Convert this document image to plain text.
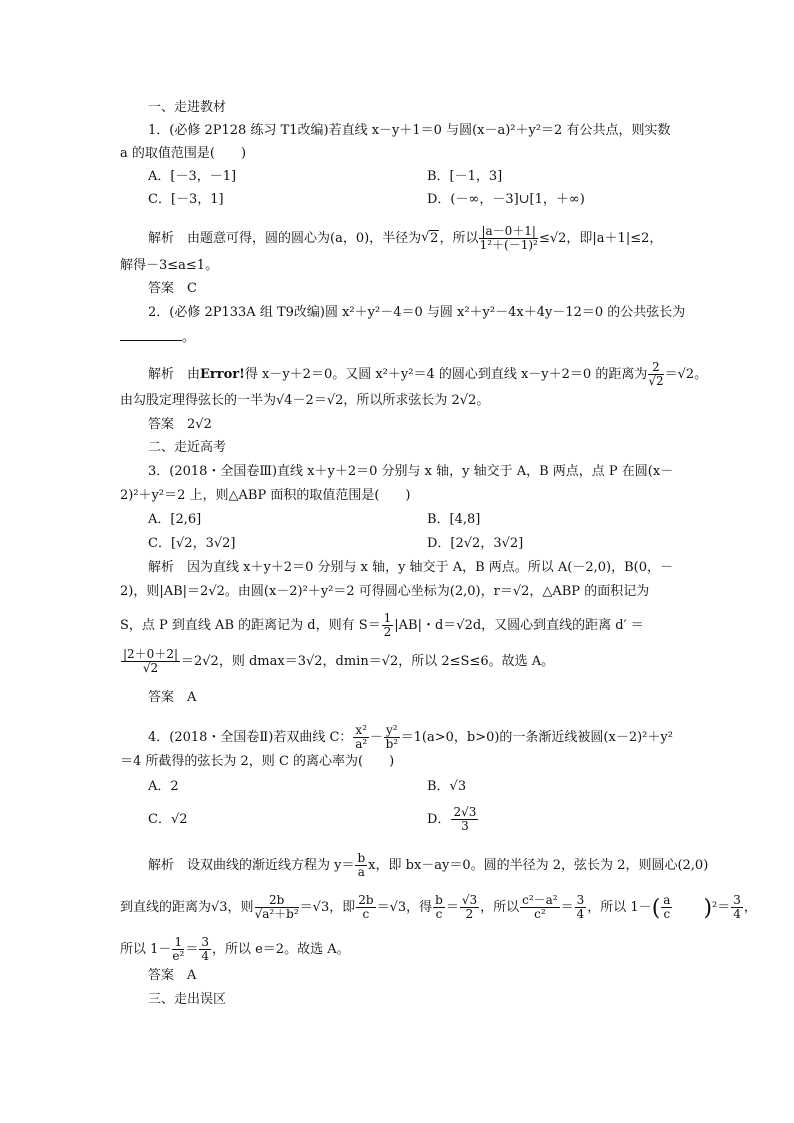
一、走进教材
1．(必修 2P128 练习 T1改编)若直线 x－y＋1＝0 与圆(x－a)²＋y²＝2 有公共点，则实数
a 的取值范围是(　　)
A．[－3，－1]	B．[－1，3]
C．[－3，1]	D．(－∞，－3]∪[1，＋∞)
解析　由题意可得，圆的圆心为(a，0)，半径为√ 2，所以 $\frac{|a-0+1|}{\text{1²＋(－1)²}} \le√2$，即|a＋1|≤2，
解得－3≤a≤1。
答案　 C
2．(必修 2P133A 组 T9改编)圆 x²＋y²－4＝0 与圆 x²＋y²－4x＋4y－12＝0 的公共弦长为
。
解析　由Error!得 x－y＋2＝0。又圆 x²＋y²＝4 的圆心到直线 x－y＋2＝0 的距离为 $\frac{2}{√2} =√2$。
由勾股定理得弦长的一半为√4－2＝√2，所以所求弦长为 2√2。
答案　 2√2
二、走近高考
3．(2018・全国卷Ⅲ)直线 x＋y＋2＝0 分别与 x 轴，y 轴交于 A，B 两点，点 P 在圆(x－
2)²＋y²＝2 上，则△ABP 面积的取值范围是(　　)
A．[2,6]	B．[4,8]
C．[√2，3√2]	D．[2√2，3√2]
解析　因为直线 x＋y＋2＝0 分别与 x 轴，y 轴交于 A，B 两点。所以 A(－2,0)，B(0，－
2)，则|AB|＝2√2。由圆(x－2)²＋y²＝2 可得圆心坐标为(2,0)，r＝√2，△ABP 的面积记为
S，点 P 到直线 AB 的距离记为 d，则有 $S= \frac{1}{2} |AB|$・d＝√2d，又圆心到直线的距离 d′ ＝
$\frac{|2+0+2|}{√2} =2√2$，则 dmax＝3√2，dmin＝√2，所以 2≤S≤6。故选 A。
答案　 A
4．(2018・全国卷Ⅱ)若双曲线 C： $\frac{\text{x²}}{\text{a²}} - \frac{\text{y²}}{\text{b²}} =1(a>0$，b>0)的一条渐近线被圆(x－2)²＋y²
＝4 所截得的弦长为 2，则 C 的离心率为(　　)
A．2	B．√3
C．√2	D． $\frac{2√3}{3}$
解析　设双曲线的渐近线方程为 $y= \frac{b}{a}$ x，即 bx－ay＝0。圆的半径为 2，弦长为 2，则圆心(2,0)
到直线的距离为√3，则 $\frac{2b}{\text{√a²＋b²}} =√3$，即 $\frac{2b}{c} =√3$，得 $\frac{b}{c} = \frac{√3}{2}$ ，所以 $\frac{\text{c²－a²}}{\text{c²}} = \frac{3}{4}$ ，所以 $1-( \frac{a}{c} )^2= \frac{3}{4}$ ，
所以 $1- \frac{1}{\text{e²}} = \frac{3}{4}$ ，所以 e＝2。故选 A。
答案　 A
三、走出误区
